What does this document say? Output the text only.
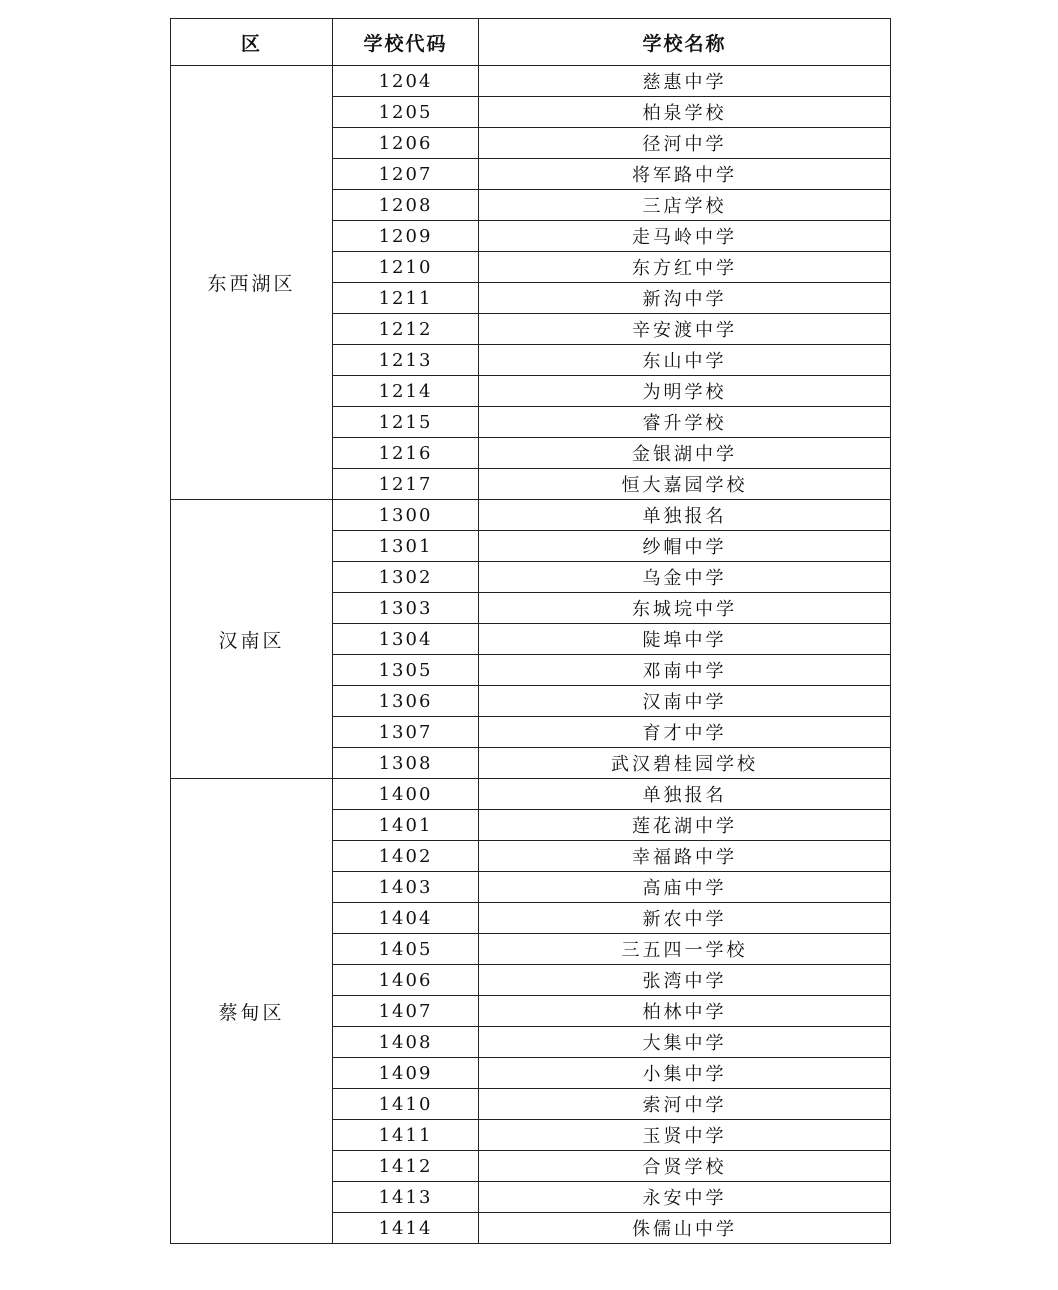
区	学校代码	学校名称
东西湖区	1204	慈惠中学
	1205	柏泉学校
	1206	径河中学
	1207	将军路中学
	1208	三店学校
	1209	走马岭中学
	1210	东方红中学
	1211	新沟中学
	1212	辛安渡中学
	1213	东山中学
	1214	为明学校
	1215	睿升学校
	1216	金银湖中学
	1217	恒大嘉园学校
汉南区	1300	单独报名
	1301	纱帽中学
	1302	乌金中学
	1303	东城垸中学
	1304	陡埠中学
	1305	邓南中学
	1306	汉南中学
	1307	育才中学
	1308	武汉碧桂园学校
蔡甸区	1400	单独报名
	1401	莲花湖中学
	1402	幸福路中学
	1403	高庙中学
	1404	新农中学
	1405	三五四一学校
	1406	张湾中学
	1407	柏林中学
	1408	大集中学
	1409	小集中学
	1410	索河中学
	1411	玉贤中学
	1412	合贤学校
	1413	永安中学
	1414	侏儒山中学
